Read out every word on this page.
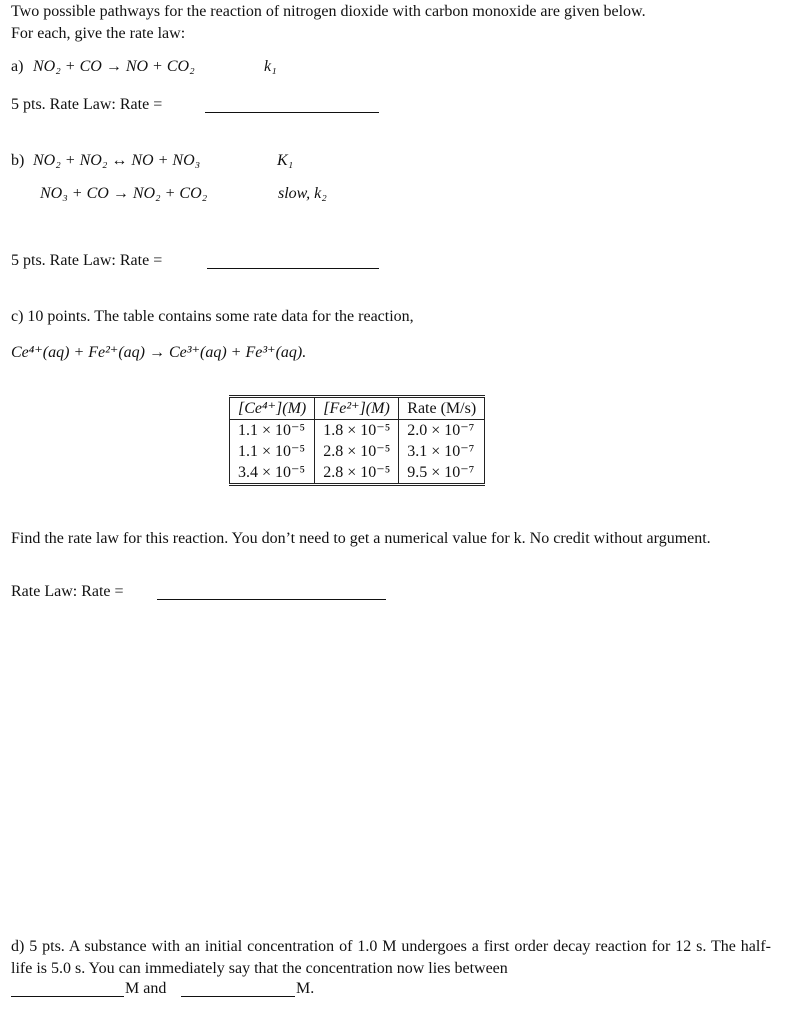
Two possible pathways for the reaction of nitrogen dioxide with carbon monoxide are given below.
For each, give the rate law:
a) NO₂ + CO → NO + CO₂	k₁
5 pts. Rate Law: Rate =
b) NO₂ + NO₂ ↔ NO + NO₃	K₁
NO₃ + CO → NO₂ + CO₂	slow, k₂
5 pts. Rate Law: Rate =
c) 10 points. The table contains some rate data for the reaction,
Ce⁴⁺(aq) + Fe²⁺(aq) → Ce³⁺(aq) + Fe³⁺(aq).
[Ce⁴⁺](M)	[Fe²⁺](M)	Rate (M/s)
1.1 × 10⁻⁵	1.8 × 10⁻⁵	2.0 × 10⁻⁷
1.1 × 10⁻⁵	2.8 × 10⁻⁵	3.1 × 10⁻⁷
3.4 × 10⁻⁵	2.8 × 10⁻⁵	9.5 × 10⁻⁷
Find the rate law for this reaction. You don’t need to get a numerical value for k. No credit without argument.
Rate Law: Rate =
d) 5 pts. A substance with an initial concentration of 1.0 M undergoes a first order decay reaction for 12 s. The half-life is 5.0 s. You can immediately say that the concentration now lies between
M and	M.
